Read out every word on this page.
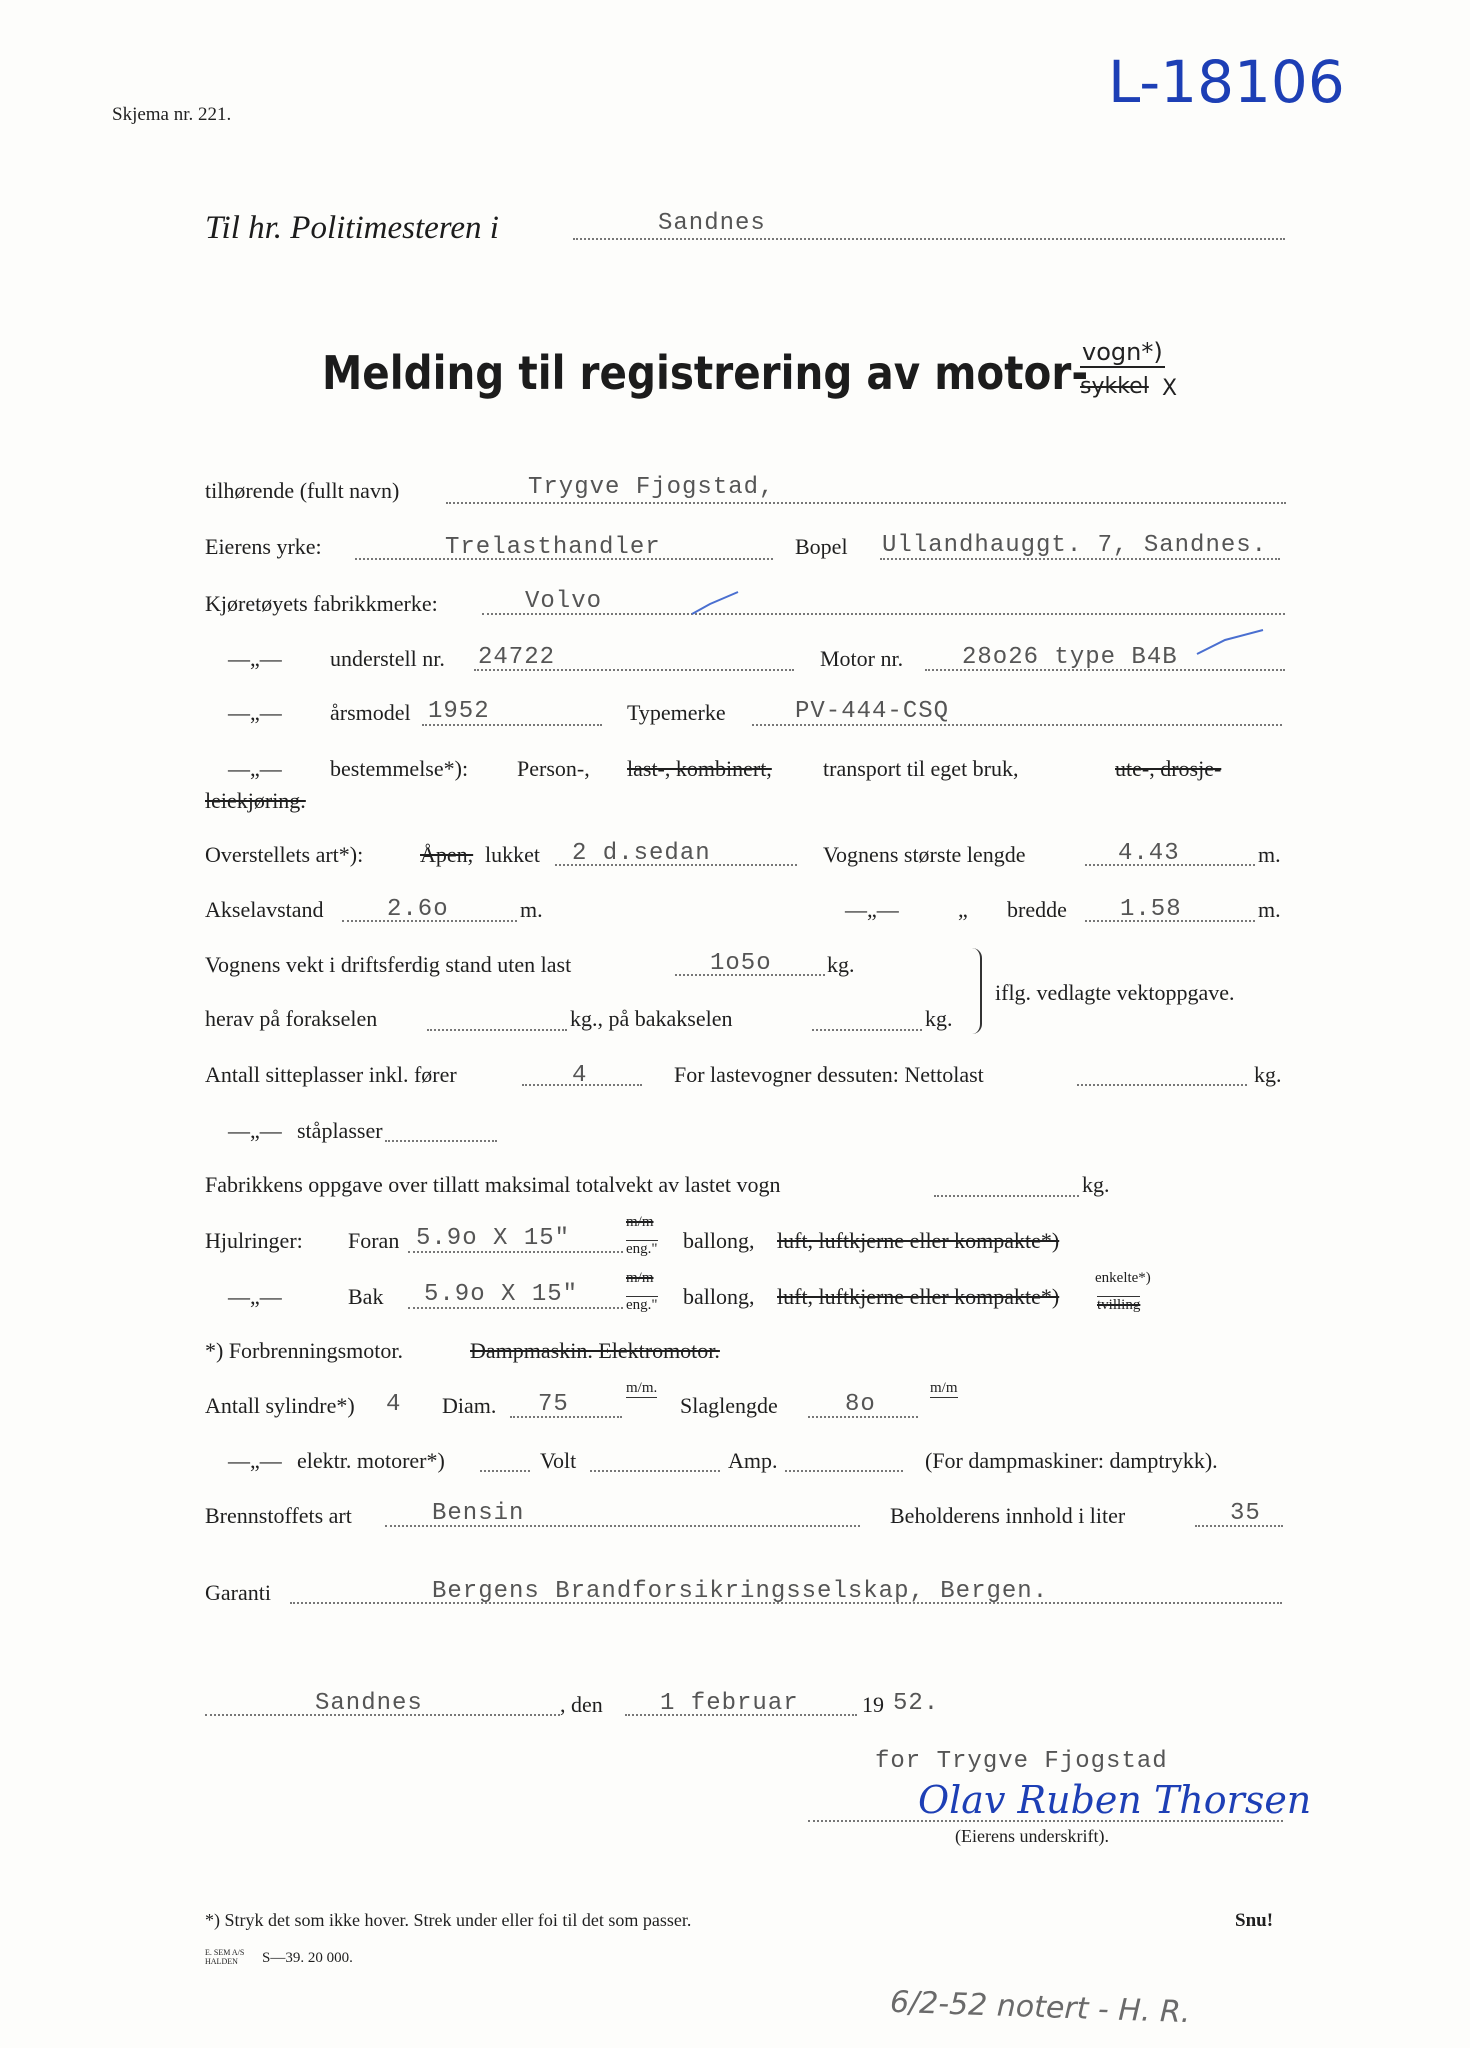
Skjema nr. 221.	L-18106
Til hr. Politimesteren i	Sandnes
Melding til registrering av motor-
vogn*)
sykkel X
tilhørende (fullt navn)	Trygve Fjogstad,
Eierens yrke:	Trelasthandler	Bopel Ullandhauggt. 7, Sandnes.
Kjøretøyets fabrikkmerke:	Volvo
—„— understell nr. 24722	Motor nr. 28o26 type B4B
—„— årsmodel 1952	Typemerke	PV-444-CSQ
—„— bestemmelse*): Person-, last-, kombinert, transport til eget bruk,	ute-, drosje-
leiekjøring.
Overstellets art*):	Åpen, lukket 2 d.sedan	Vognens største lengde	4.43	m.
Akselavstand	2.6o	m.	—„—	„ bredde 1.58	m.
Vognens vekt i driftsferdig stand uten last	1o5o	kg.
herav på forakselen	kg., på bakakselen	kg.
iflg. vedlagte vektoppgave.
Antall sitteplasser inkl. fører	4	For lastevogner dessuten: Nettolast	kg.
—„— ståplasser
Fabrikkens oppgave over tillatt maksimal totalvekt av lastet vogn	kg.
Hjulringer: Foran 5.9o X 15"
m/m
eng." ballong, luft, luftkjerne eller kompakte*)
—„—	Bak 5.9o X 15"
m/m
eng." ballong, luft, luftkjerne eller kompakte*)
enkelte*)
tvilling
*) Forbrenningsmotor.	Dampmaskin. Elektromotor.
Antall sylindre*) 4 Diam. 75
m/m.
Slaglengde	8o
m/m
—„— elektr. motorer*)	Volt	Amp.	(For dampmaskiner: damptrykk).
Brennstoffets art	Bensin	Beholderens innhold i liter	35
Garanti	Bergens Brandforsikringsselskap, Bergen.
Sandnes	, den 1 februar	19 52.
for Trygve Fjogstad
Olav Ruben Thorsen
(Eierens underskrift).
*) Stryk det som ikke hover. Strek under eller foi til det som passer.	Snu!
E. SEM A/S HALDEN	S—39. 20 000.
6/2-52 notert - H. R.
